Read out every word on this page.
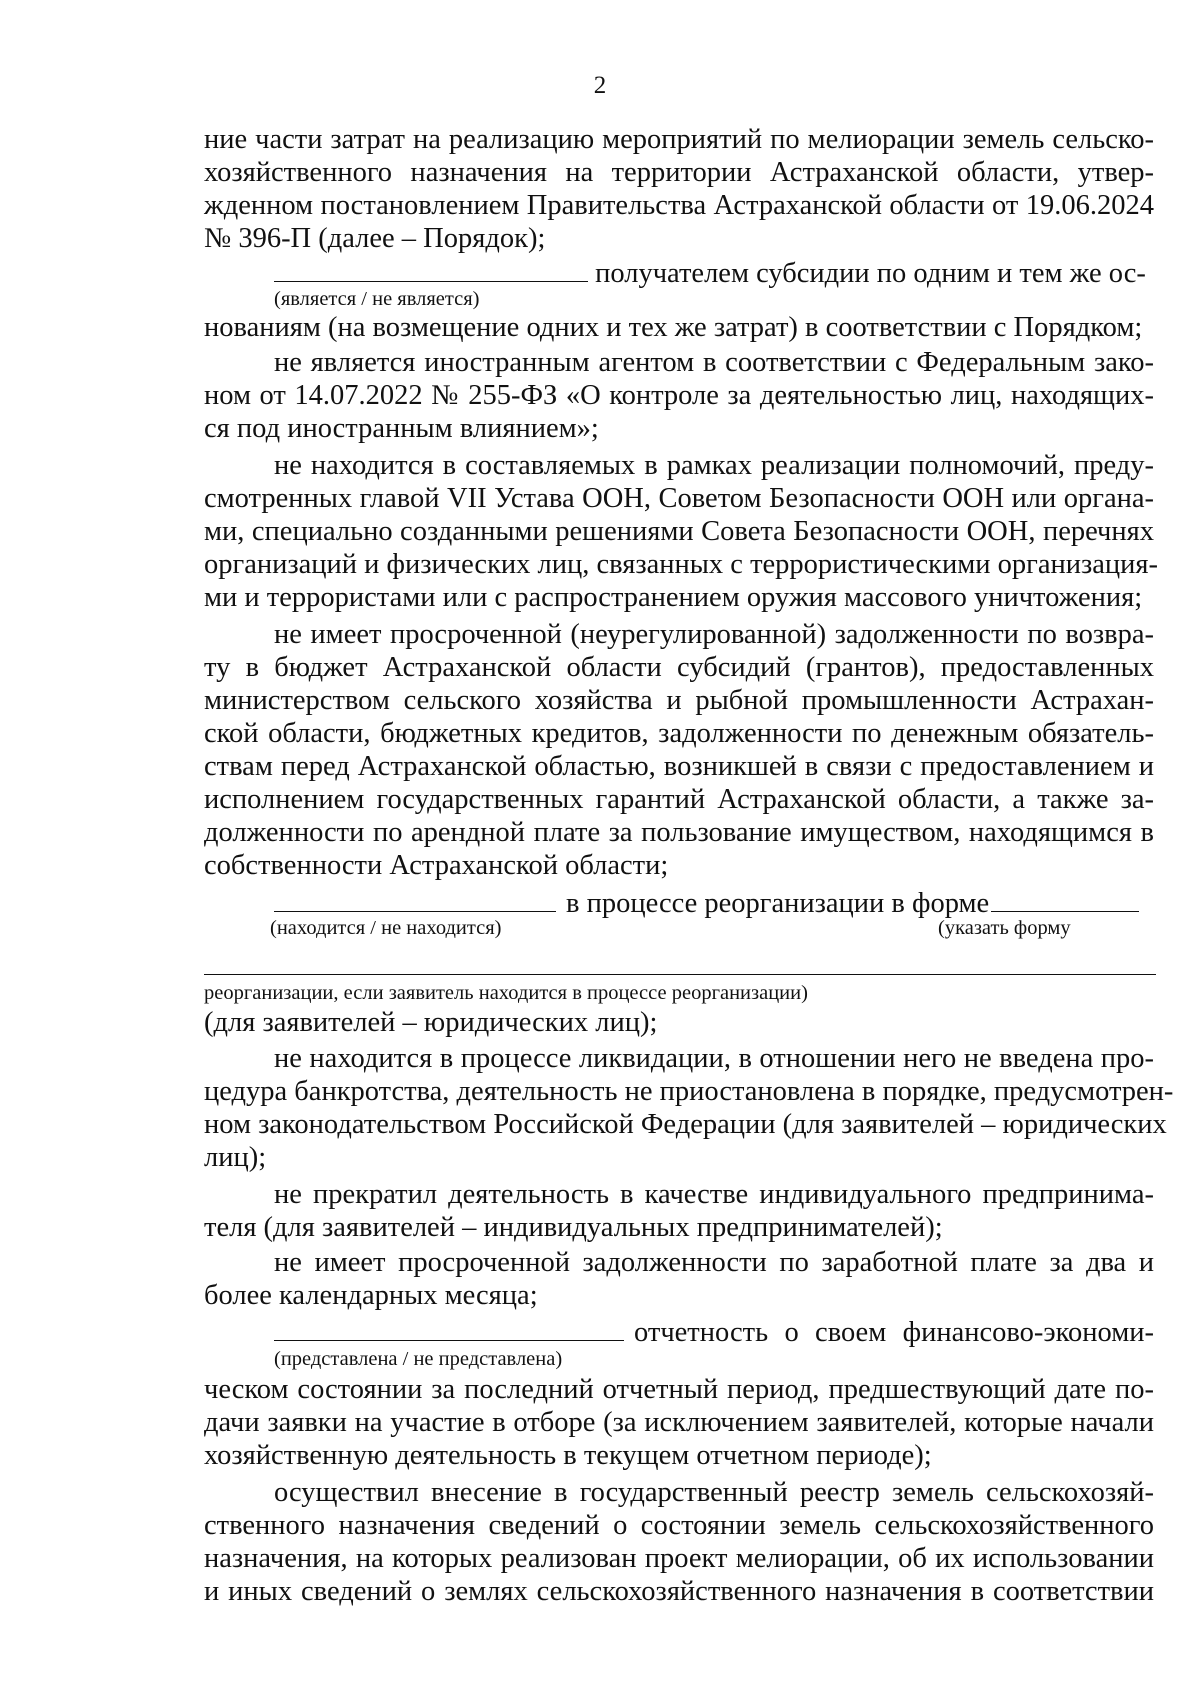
2
ние части затрат на реализацию мероприятий по мелиорации земель сельско-
хозяйственного назначения на территории Астраханской области, утвер-
жденном постановлением Правительства Астраханской области от 19.06.2024
№ 396-П (далее – Порядок);
получателем субсидии по одним и тем же ос-
(является / не является)
нованиям (на возмещение одних и тех же затрат) в соответствии с Порядком;
не является иностранным агентом в соответствии с Федеральным зако-
ном от 14.07.2022 № 255-ФЗ «О контроле за деятельностью лиц, находящих-
ся под иностранным влиянием»;
не находится в составляемых в рамках реализации полномочий, преду-
смотренных главой VII Устава ООН, Советом Безопасности ООН или органа-
ми, специально созданными решениями Совета Безопасности ООН, перечнях
организаций и физических лиц, связанных с террористическими организация-
ми и террористами или с распространением оружия массового уничтожения;
не имеет просроченной (неурегулированной) задолженности по возвра-
ту в бюджет Астраханской области субсидий (грантов), предоставленных
министерством сельского хозяйства и рыбной промышленности Астрахан-
ской области, бюджетных кредитов, задолженности по денежным обязатель-
ствам перед Астраханской областью, возникшей в связи с предоставлением и
исполнением государственных гарантий Астраханской области, а также за-
долженности по арендной плате за пользование имуществом, находящимся в
собственности Астраханской области;
в процессе реорганизации в форме
(находится / не находится)	(указать форму
реорганизации, если заявитель находится в процессе реорганизации)
(для заявителей – юридических лиц);
не находится в процессе ликвидации, в отношении него не введена про-
цедура банкротства, деятельность не приостановлена в порядке, предусмотрен-
ном законодательством Российской Федерации (для заявителей – юридических
лиц);
не прекратил деятельность в качестве индивидуального предпринима-
теля (для заявителей – индивидуальных предпринимателей);
не имеет просроченной задолженности по заработной плате за два и
более календарных месяца;
отчетность о своем финансово-экономи-
(представлена / не представлена)
ческом состоянии за последний отчетный период, предшествующий дате по-
дачи заявки на участие в отборе (за исключением заявителей, которые начали
хозяйственную деятельность в текущем отчетном периоде);
осуществил внесение в государственный реестр земель сельскохозяй-
ственного назначения сведений о состоянии земель сельскохозяйственного
назначения, на которых реализован проект мелиорации, об их использовании
и иных сведений о землях сельскохозяйственного назначения в соответствии
